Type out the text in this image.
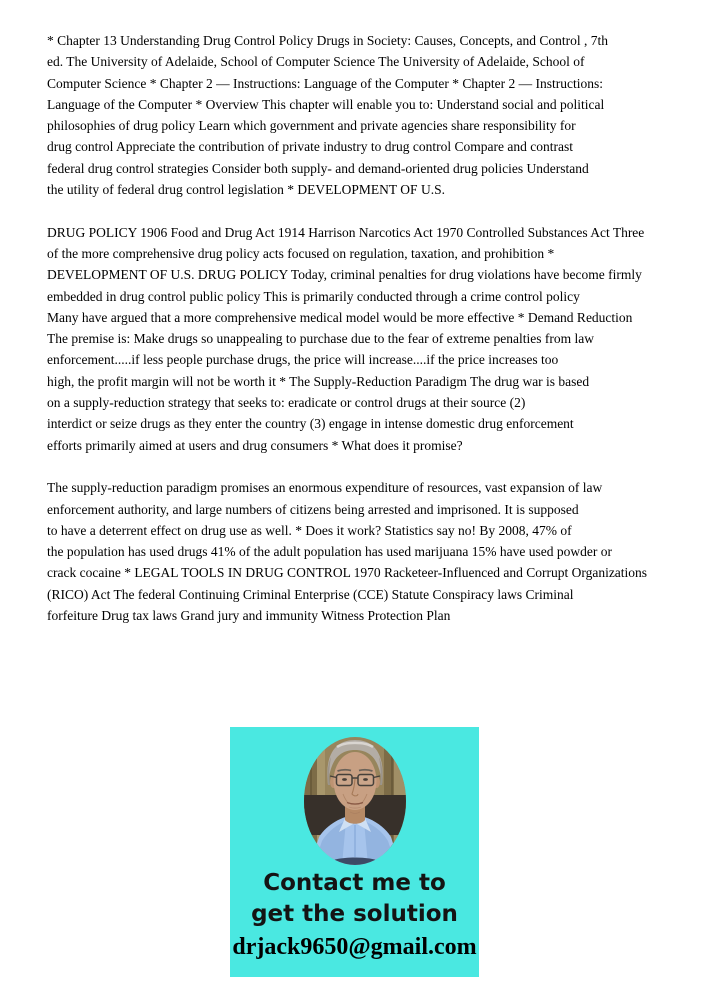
* Chapter 13 Understanding Drug Control Policy Drugs in Society: Causes, Concepts, and Control , 7th
ed. The University of Adelaide, School of Computer Science The University of Adelaide, School of
Computer Science * Chapter 2 — Instructions: Language of the Computer * Chapter 2 — Instructions:
Language of the Computer * Overview This chapter will enable you to: Understand social and political
philosophies of drug policy Learn which government and private agencies share responsibility for
drug control Appreciate the contribution of private industry to drug control Compare and contrast
federal drug control strategies Consider both supply- and demand-oriented drug policies Understand
the utility of federal drug control legislation * DEVELOPMENT OF U.S.
DRUG POLICY 1906 Food and Drug Act 1914 Harrison Narcotics Act 1970 Controlled Substances Act Three
of the more comprehensive drug policy acts focused on regulation, taxation, and prohibition *
DEVELOPMENT OF U.S. DRUG POLICY Today, criminal penalties for drug violations have become firmly
embedded in drug control public policy This is primarily conducted through a crime control policy
Many have argued that a more comprehensive medical model would be more effective * Demand Reduction
The premise is: Make drugs so unappealing to purchase due to the fear of extreme penalties from law
enforcement.....if less people purchase drugs, the price will increase....if the price increases too
high, the profit margin will not be worth it * The Supply-Reduction Paradigm The drug war is based
on a supply-reduction strategy that seeks to: eradicate or control drugs at their source (2)
interdict or seize drugs as they enter the country (3) engage in intense domestic drug enforcement
efforts primarily aimed at users and drug consumers * What does it promise?
The supply-reduction paradigm promises an enormous expenditure of resources, vast expansion of law
enforcement authority, and large numbers of citizens being arrested and imprisoned. It is supposed
to have a deterrent effect on drug use as well. * Does it work? Statistics say no! By 2008, 47% of
the population has used drugs 41% of the adult population has used marijuana 15% have used powder or
crack cocaine * LEGAL TOOLS IN DRUG CONTROL 1970 Racketeer-Influenced and Corrupt Organizations
(RICO) Act The federal Continuing Criminal Enterprise (CCE) Statute Conspiracy laws Criminal
forfeiture Drug tax laws Grand jury and immunity Witness Protection Plan
Contact me to
get the solution
drjack9650@gmail.com
